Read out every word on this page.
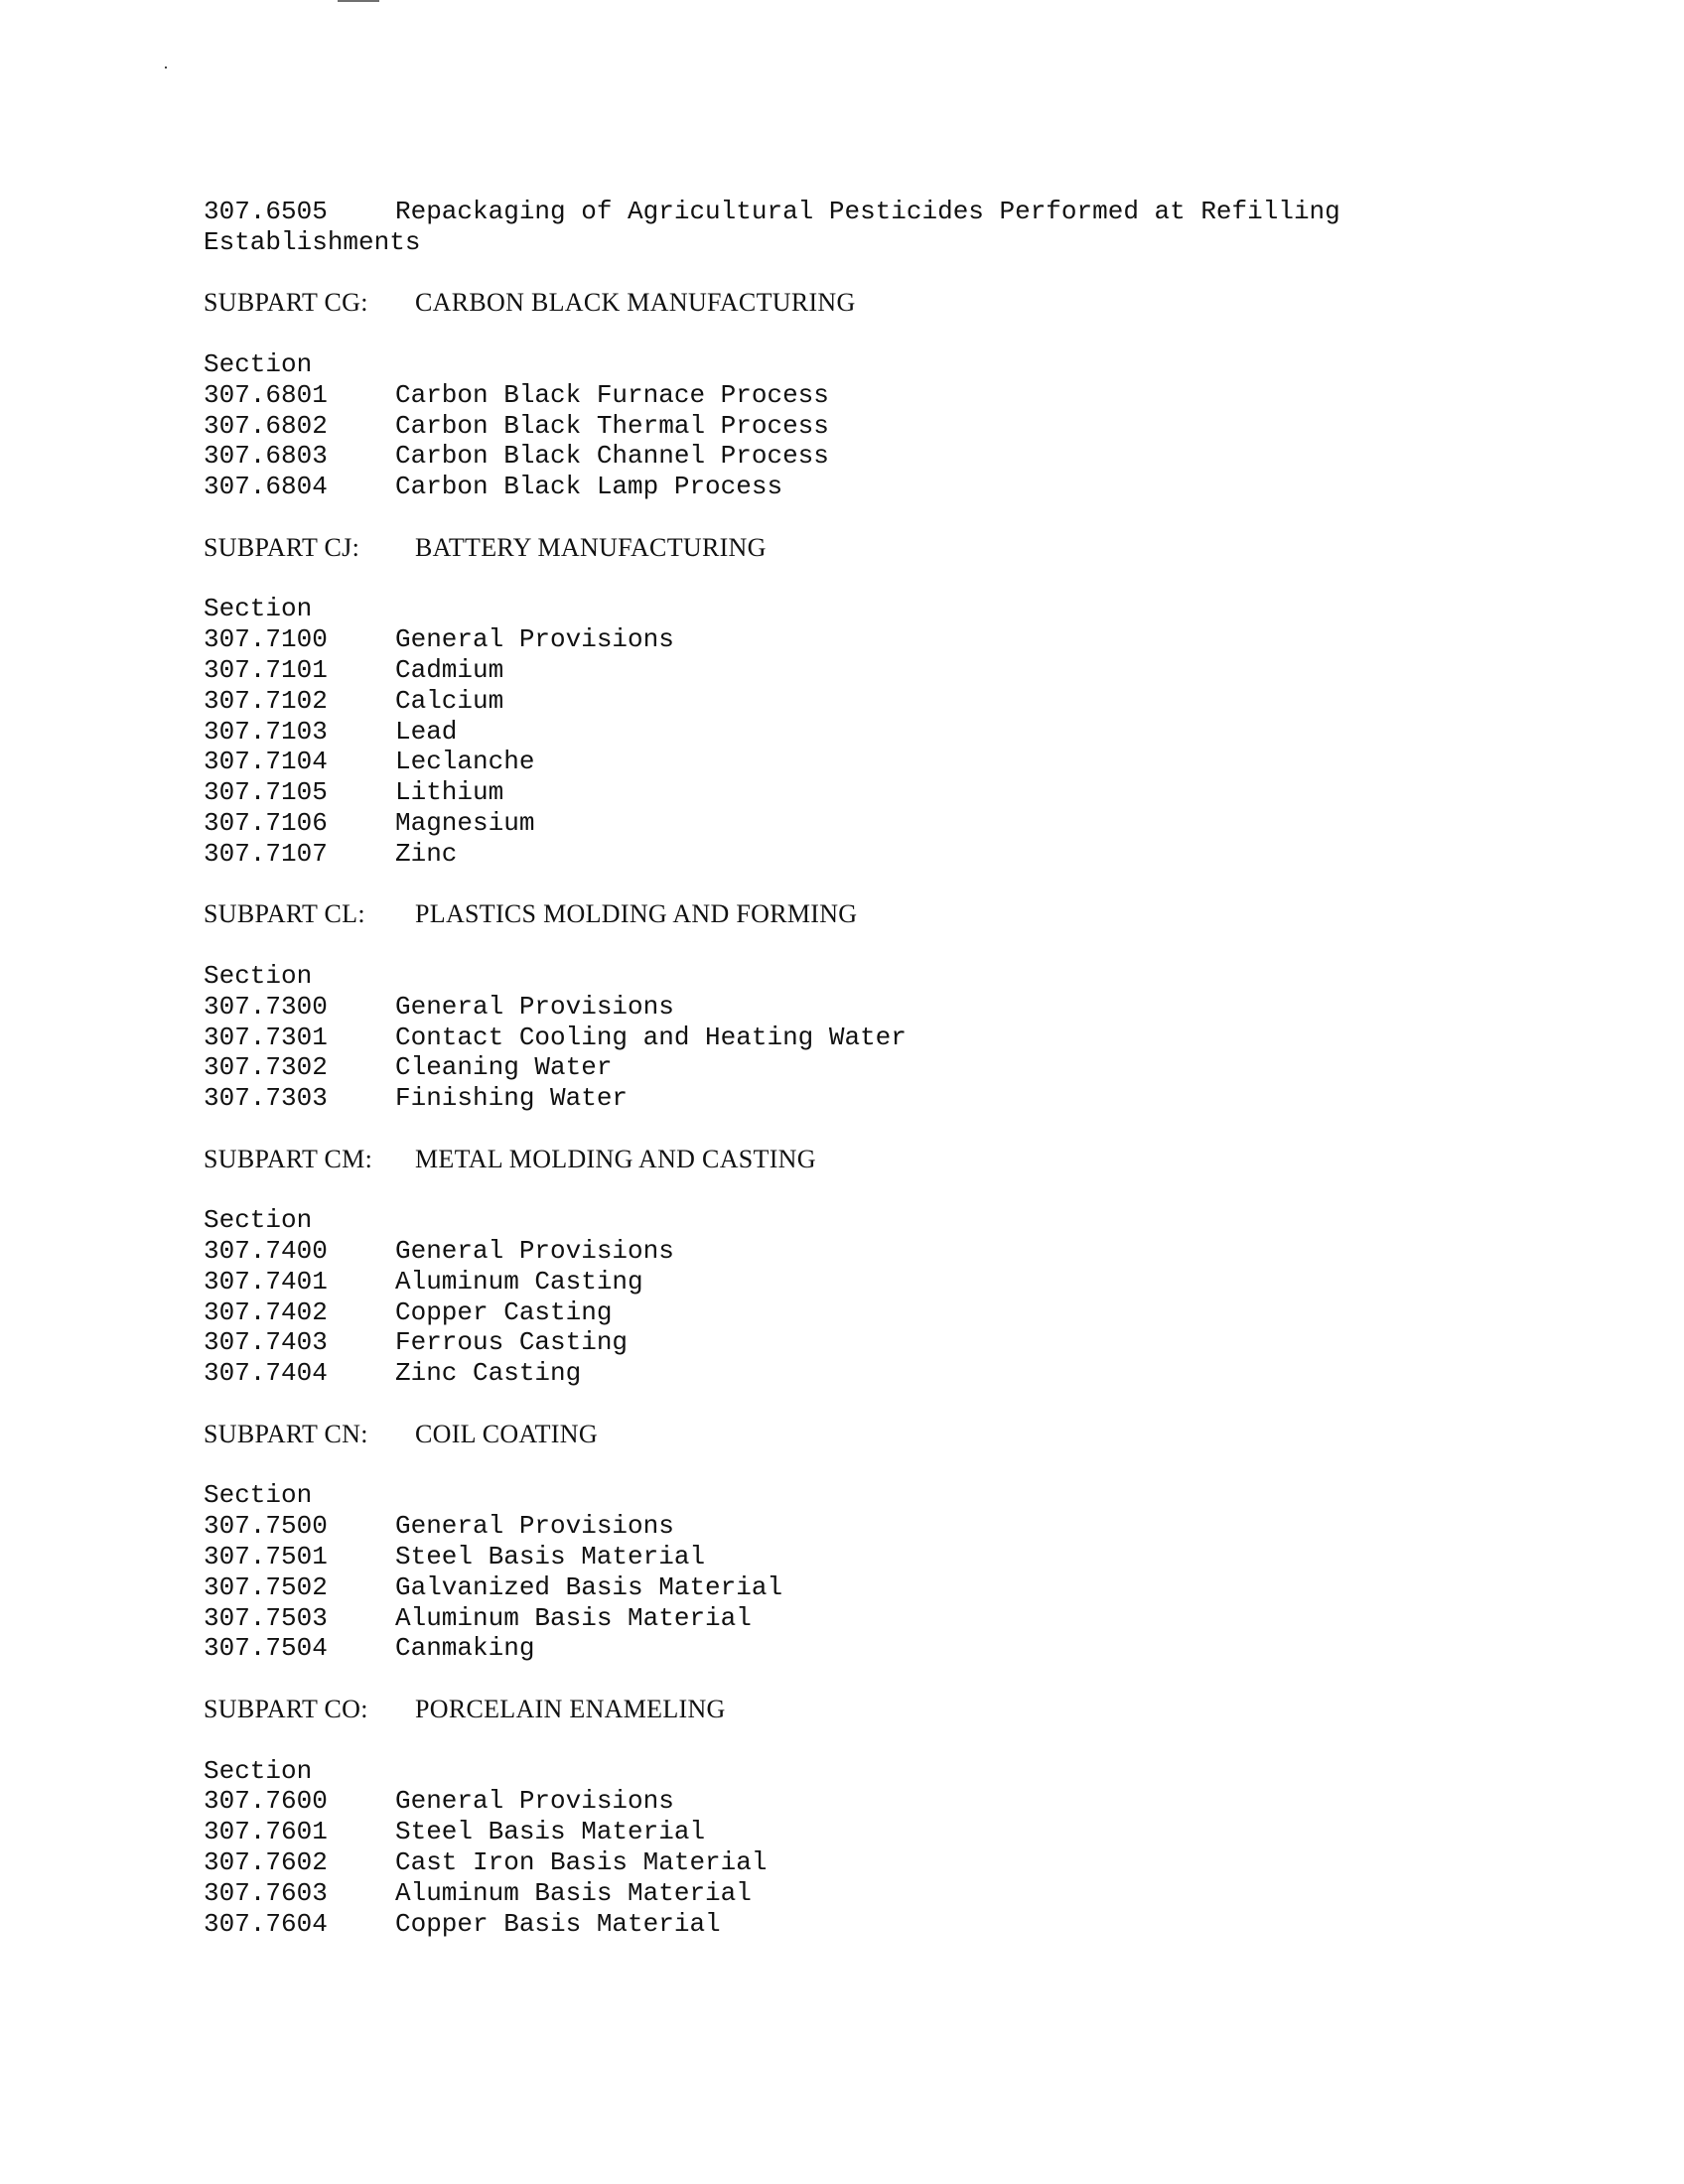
307.6505	Repackaging of Agricultural Pesticides Performed at Refilling Establishments

SUBPART CG: CARBON BLACK MANUFACTURING

Section

307.6801	Carbon Black Furnace Process

307.6802	Carbon Black Thermal Process

307.6803	Carbon Black Channel Process

307.6804	Carbon Black Lamp Process

SUBPART CJ: BATTERY MANUFACTURING

Section

307.7100	General Provisions

307.7101	Cadmium

307.7102	Calcium

307.7103	Lead

307.7104	Leclanche

307.7105	Lithium

307.7106	Magnesium

307.7107	Zinc

SUBPART CL: PLASTICS MOLDING AND FORMING

Section

307.7300	General Provisions

307.7301	Contact Cooling and Heating Water

307.7302	Cleaning Water

307.7303	Finishing Water

SUBPART CM: METAL MOLDING AND CASTING

Section

307.7400	General Provisions

307.7401	Aluminum Casting

307.7402	Copper Casting

307.7403	Ferrous Casting

307.7404	Zinc Casting

SUBPART CN: COIL COATING

Section

307.7500	General Provisions

307.7501	Steel Basis Material

307.7502	Galvanized Basis Material

307.7503	Aluminum Basis Material

307.7504	Canmaking

SUBPART CO: PORCELAIN ENAMELING

Section

307.7600	General Provisions

307.7601	Steel Basis Material

307.7602	Cast Iron Basis Material

307.7603	Aluminum Basis Material

307.7604	Copper Basis Material
